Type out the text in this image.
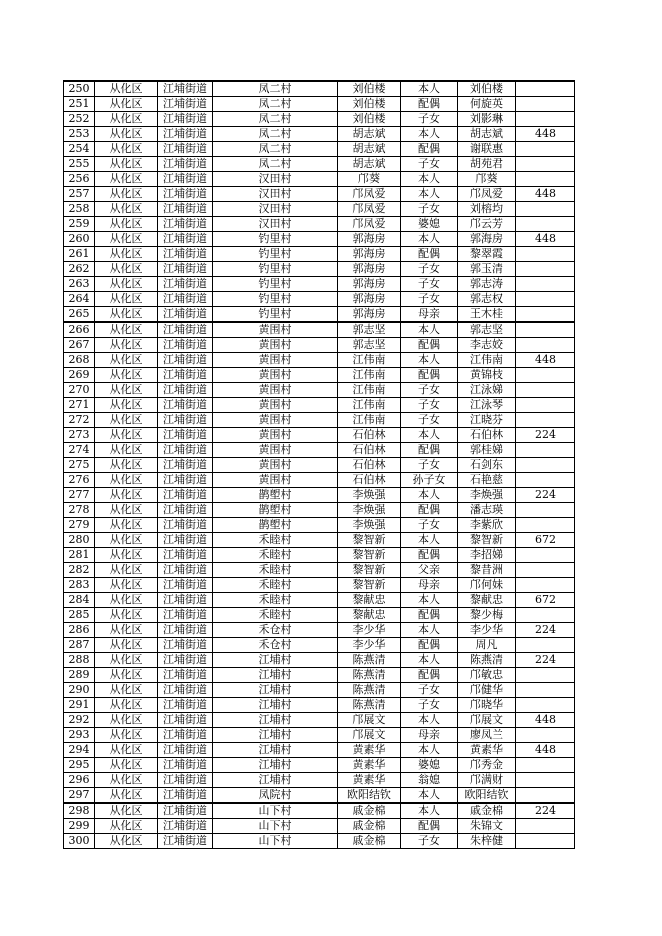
250	从化区	江埔街道	凤二村	刘伯楼	本人	刘伯楼	
251	从化区	江埔街道	凤二村	刘伯楼	配偶	何旋英	
252	从化区	江埔街道	凤二村	刘伯楼	子女	刘影琳	
253	从化区	江埔街道	凤二村	胡志斌	本人	胡志斌	448
254	从化区	江埔街道	凤二村	胡志斌	配偶	谢联惠	
255	从化区	江埔街道	凤二村	胡志斌	子女	胡苑君	
256	从化区	江埔街道	汉田村	邝葵	本人	邝葵	
257	从化区	江埔街道	汉田村	邝凤爱	本人	邝凤爱	448
258	从化区	江埔街道	汉田村	邝凤爱	子女	刘榕均	
259	从化区	江埔街道	汉田村	邝凤爱	婆媳	邝云芳	
260	从化区	江埔街道	钓里村	郭海房	本人	郭海房	448
261	从化区	江埔街道	钓里村	郭海房	配偶	黎翠霞	
262	从化区	江埔街道	钓里村	郭海房	子女	郭玉清	
263	从化区	江埔街道	钓里村	郭海房	子女	郭志涛	
264	从化区	江埔街道	钓里村	郭海房	子女	郭志权	
265	从化区	江埔街道	钓里村	郭海房	母亲	王木桂	
266	从化区	江埔街道	黄围村	郭志坚	本人	郭志坚	
267	从化区	江埔街道	黄围村	郭志坚	配偶	李志姣	
268	从化区	江埔街道	黄围村	江伟南	本人	江伟南	448
269	从化区	江埔街道	黄围村	江伟南	配偶	黄锦枝	
270	从化区	江埔街道	黄围村	江伟南	子女	江泳娣	
271	从化区	江埔街道	黄围村	江伟南	子女	江泳琴	
272	从化区	江埔街道	黄围村	江伟南	子女	江晓芬	
273	从化区	江埔街道	黄围村	石伯林	本人	石伯林	224
274	从化区	江埔街道	黄围村	石伯林	配偶	郭桂娣	
275	从化区	江埔街道	黄围村	石伯林	子女	石剑东	
276	从化区	江埔街道	黄围村	石伯林	孙子女	石艳慈	
277	从化区	江埔街道	鹊塱村	李焕强	本人	李焕强	224
278	从化区	江埔街道	鹊塱村	李焕强	配偶	潘志瑛	
279	从化区	江埔街道	鹊塱村	李焕强	子女	李紫欣	
280	从化区	江埔街道	禾睦村	黎智新	本人	黎智新	672
281	从化区	江埔街道	禾睦村	黎智新	配偶	李招娣	
282	从化区	江埔街道	禾睦村	黎智新	父亲	黎昔洲	
283	从化区	江埔街道	禾睦村	黎智新	母亲	邝何妹	
284	从化区	江埔街道	禾睦村	黎献忠	本人	黎献忠	672
285	从化区	江埔街道	禾睦村	黎献忠	配偶	黎少梅	
286	从化区	江埔街道	禾仓村	李少华	本人	李少华	224
287	从化区	江埔街道	禾仓村	李少华	配偶	周凡	
288	从化区	江埔街道	江埔村	陈燕清	本人	陈燕清	224
289	从化区	江埔街道	江埔村	陈燕清	配偶	邝敏忠	
290	从化区	江埔街道	江埔村	陈燕清	子女	邝健华	
291	从化区	江埔街道	江埔村	陈燕清	子女	邝晓华	
292	从化区	江埔街道	江埔村	邝展文	本人	邝展文	448
293	从化区	江埔街道	江埔村	邝展文	母亲	廖凤兰	
294	从化区	江埔街道	江埔村	黄素华	本人	黄素华	448
295	从化区	江埔街道	江埔村	黄素华	婆媳	邝秀金	
296	从化区	江埔街道	江埔村	黄素华	翁媳	邝满财	
297	从化区	江埔街道	凤院村	欧阳结钦	本人	欧阳结钦	
298	从化区	江埔街道	山下村	戚金棉	本人	戚金棉	224
299	从化区	江埔街道	山下村	戚金棉	配偶	朱锦文	
300	从化区	江埔街道	山下村	戚金棉	子女	朱梓健	
